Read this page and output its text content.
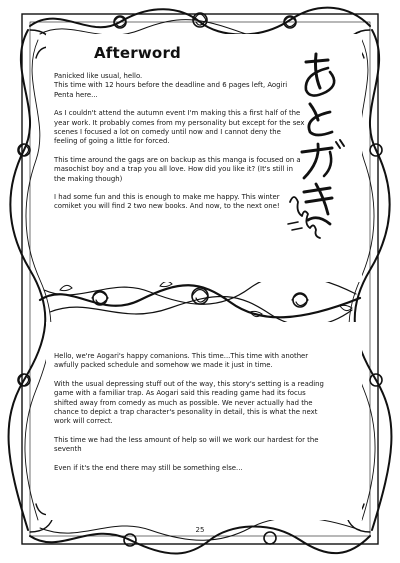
Afterword

Panicked like usual, hello.
This time with 12 hours before the deadline and 6 pages left, Aogiri Penta here...

As I couldn't attend the autumn event I'm making this a first half of the year work. It probably comes from my personality but except for the sex scenes I focused a lot on comedy until now and I cannot deny the feeling of going a little for forced.

This time around the gags are on backup as this manga is focused on a masochist boy and a trap you all love. How did you like it? (It's still in the making though)

I had some fun and this is enough to make me happy. This winter comiket you will find 2 two new books. And now, to the next one!

Hello, we're Aogari's happy comanions. This time...This time with another awfully packed schedule and somehow we made it just in time.

With the usual depressing stuff out of the way, this story's setting is a reading game with a familiar trap. As Aogari said this reading game had its focus shifted away from comedy as much as possible. We never actually had the chance to depict a trap character's pesonality in detail, this is what the next work will correct.

This time we had the less amount of help so will we work our hardest for the seventh

Even if it's the end there may still be something else...

25
